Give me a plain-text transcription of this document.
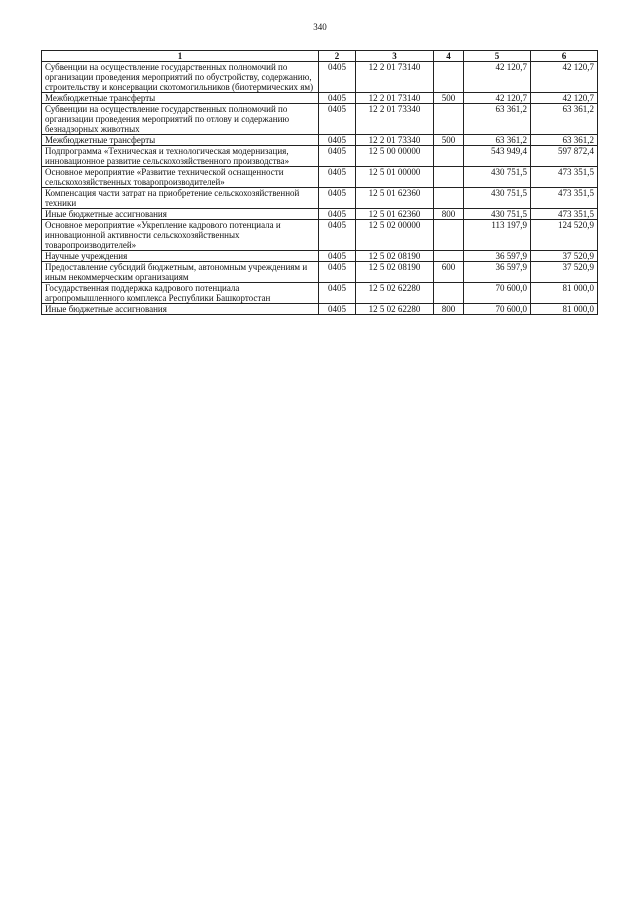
340
1	2	3	4	5	6
Субвенции на осуществление государственных полномочий по организации проведения мероприятий по обустройству, содержанию, строительству и консервации скотомогильников (биотермических ям)	0405	12 2 01 73140		42 120,7	42 120,7
Межбюджетные трансферты	0405	12 2 01 73140	500	42 120,7	42 120,7
Субвенции на осуществление государственных полномочий по организации проведения мероприятий по отлову и содержанию безнадзорных животных	0405	12 2 01 73340		63 361,2	63 361,2
Межбюджетные трансферты	0405	12 2 01 73340	500	63 361,2	63 361,2
Подпрограмма «Техническая и технологическая модернизация, инновационное развитие сельскохозяйственного производства»	0405	12 5 00 00000		543 949,4	597 872,4
Основное мероприятие «Развитие технической оснащенности сельскохозяйственных товаропроизводителей»	0405	12 5 01 00000		430 751,5	473 351,5
Компенсация части затрат на приобретение сельскохозяйственной техники	0405	12 5 01 62360		430 751,5	473 351,5
Иные бюджетные ассигнования	0405	12 5 01 62360	800	430 751,5	473 351,5
Основное мероприятие «Укрепление кадрового потенциала и инновационной активности сельскохозяйственных товаропроизводителей»	0405	12 5 02 00000		113 197,9	124 520,9
Научные учреждения	0405	12 5 02 08190		36 597,9	37 520,9
Предоставление субсидий бюджетным, автономным учреждениям и иным некоммерческим организациям	0405	12 5 02 08190	600	36 597,9	37 520,9
Государственная поддержка кадрового потенциала агропромышленного комплекса Республики Башкортостан	0405	12 5 02 62280		70 600,0	81 000,0
Иные бюджетные ассигнования	0405	12 5 02 62280	800	70 600,0	81 000,0
